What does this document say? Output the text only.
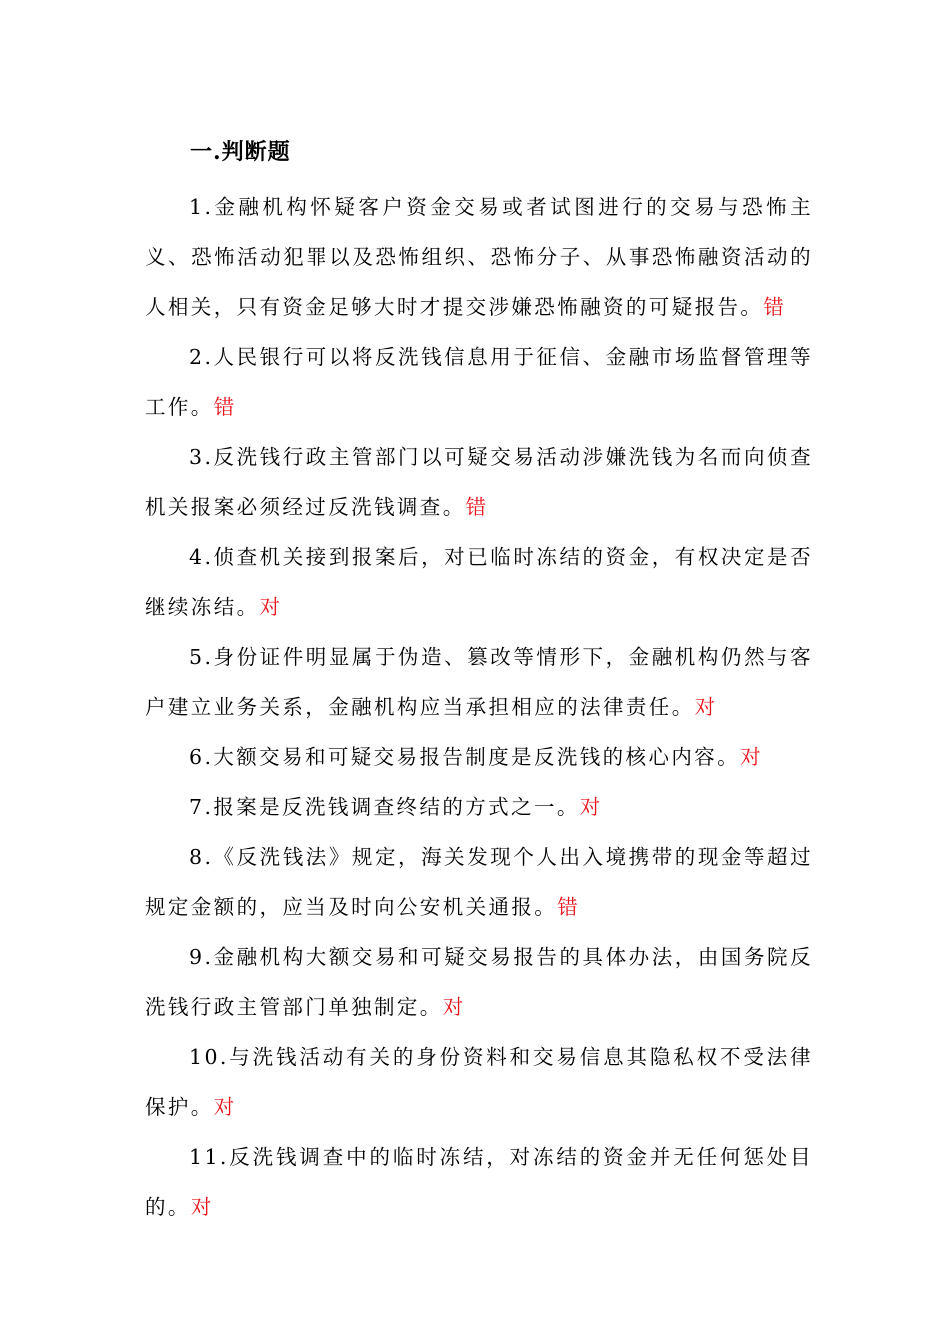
一.判断题

1.金融机构怀疑客户资金交易或者试图进行的交易与恐怖主义、恐怖活动犯罪以及恐怖组织、恐怖分子、从事恐怖融资活动的人相关，只有资金足够大时才提交涉嫌恐怖融资的可疑报告。错

2.人民银行可以将反洗钱信息用于征信、金融市场监督管理等工作。错

3.反洗钱行政主管部门以可疑交易活动涉嫌洗钱为名而向侦查机关报案必须经过反洗钱调查。错

4.侦查机关接到报案后，对已临时冻结的资金，有权决定是否继续冻结。对

5.身份证件明显属于伪造、篡改等情形下，金融机构仍然与客户建立业务关系，金融机构应当承担相应的法律责任。对

6.大额交易和可疑交易报告制度是反洗钱的核心内容。对

7.报案是反洗钱调查终结的方式之一。对

8.《反洗钱法》规定，海关发现个人出入境携带的现金等超过规定金额的，应当及时向公安机关通报。错

9.金融机构大额交易和可疑交易报告的具体办法，由国务院反洗钱行政主管部门单独制定。对

10.与洗钱活动有关的身份资料和交易信息其隐私权不受法律保护。对

11.反洗钱调查中的临时冻结，对冻结的资金并无任何惩处目的。对
